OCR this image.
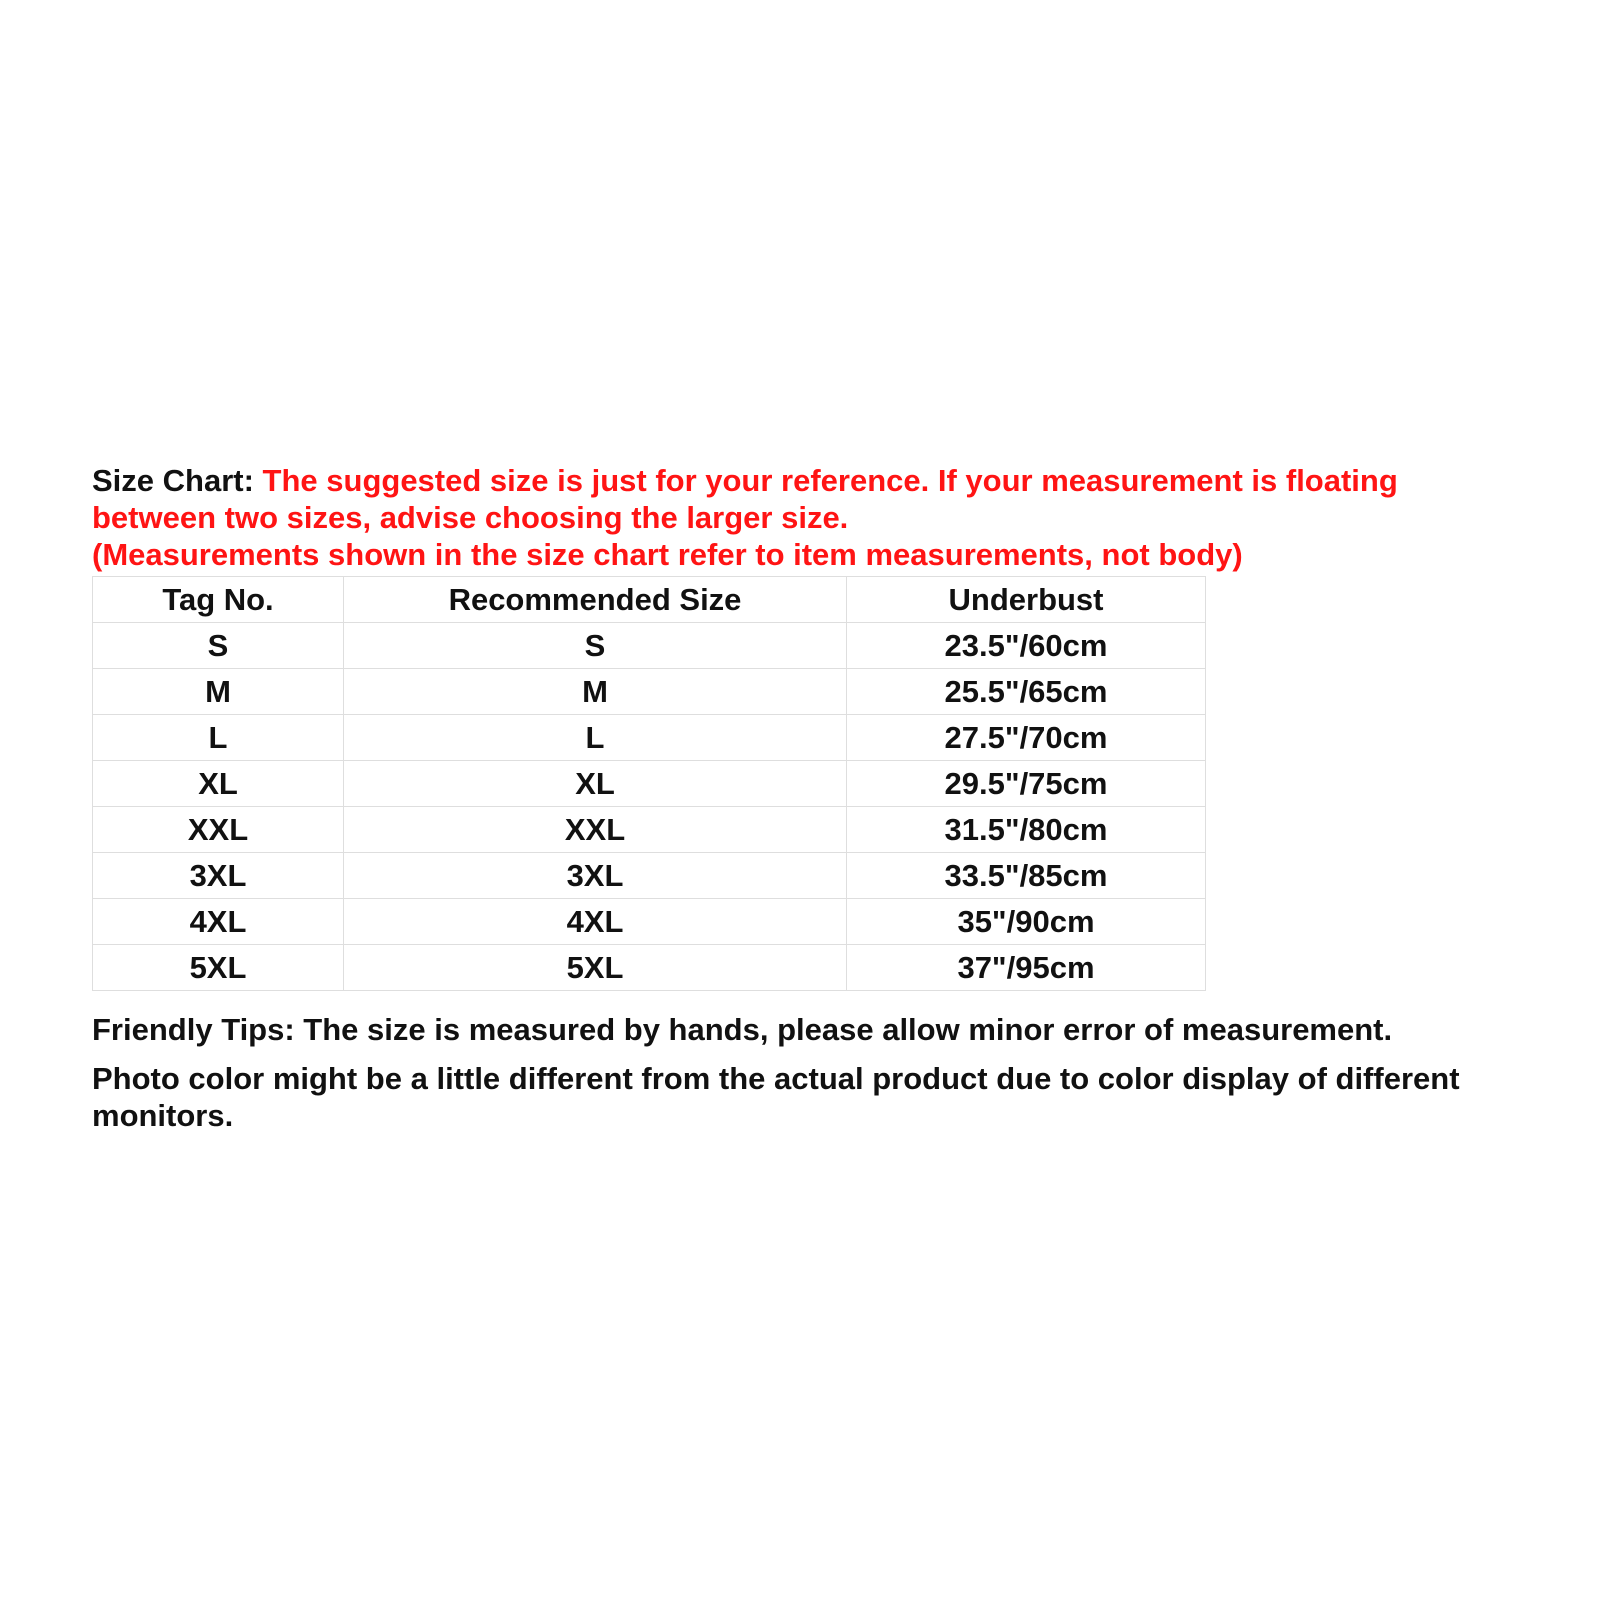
Size Chart: The suggested size is just for your reference. If your measurement is floating between two sizes, advise choosing the larger size.

(Measurements shown in the size chart refer to item measurements, not body)

Tag No.	Recommended Size	Underbust
S	S	23.5"/60cm
M	M	25.5"/65cm
L	L	27.5"/70cm
XL	XL	29.5"/75cm
XXL	XXL	31.5"/80cm
3XL	3XL	33.5"/85cm
4XL	4XL	35"/90cm
5XL	5XL	37"/95cm

Friendly Tips: The size is measured by hands, please allow minor error of measurement.

Photo color might be a little different from the actual product due to color display of different monitors.
